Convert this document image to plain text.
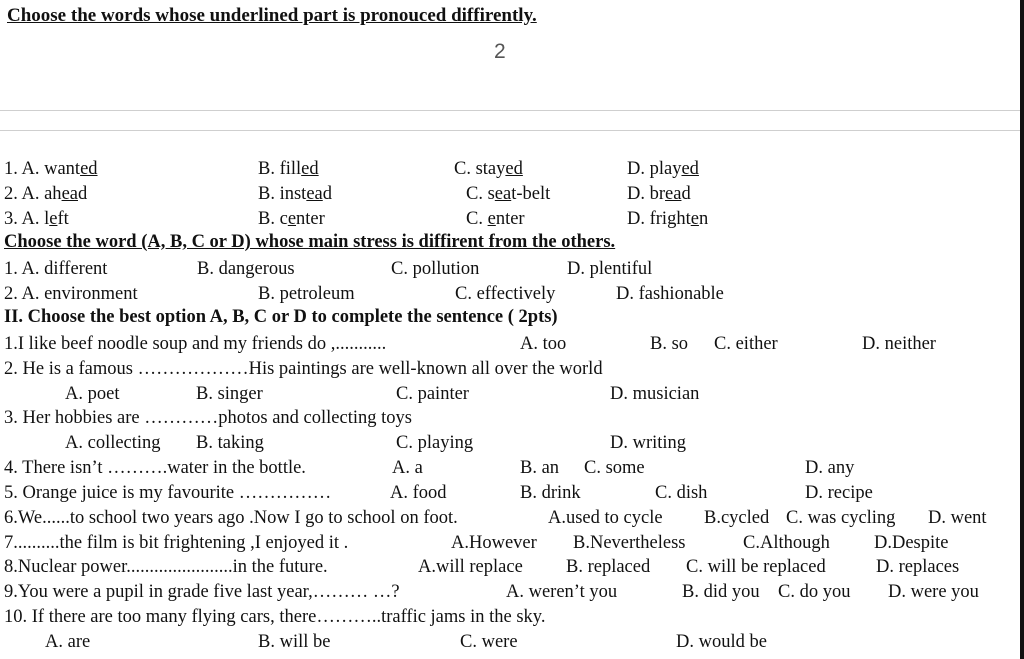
Choose the words whose underlined part is pronouced diffirently.
2
1. A. wanted	B. filled	C. stayed	D. played
2. A. ahead	B. instead	C. seat-belt	D. bread
3. A. left	B. center	C. enter	D. frighten
Choose the word (A, B, C or D) whose main stress is diffirent from the others.
1. A. different	B. dangerous	C. pollution	D. plentiful
2. A. environment	B. petroleum	C. effectively	D. fashionable
II. Choose the best option A, B, C or D to complete the sentence ( 2pts)
1.I like beef noodle soup and my friends do ,...........	A. too	B. so C. either	D. neither
2. He is a famous ………………His paintings are well-known all over the world
A. poet	B. singer	C. painter	D. musician
3. Her hobbies are …………photos and collecting toys
A. collecting B. taking	C. playing	D. writing
4. There isn’t ……….water in the bottle.	A. a	B. an C. some	D. any
5. Orange juice is my favourite ……………	A. food	B. drink	C. dish	D. recipe
6.We......to school two years ago .Now I go to school on foot.	A.used to cycle B.cycled C. was cycling D. went
7..........the film is bit frightening ,I enjoyed it .	A.However B.Nevertheless	C.Although D.Despite
8.Nuclear power.......................in the future.	A.will replace B. replaced C. will be replaced	D. replaces
9.You were a pupil in grade five last year,……… …?	A. weren’t you	B. did you C. do you D. were you
10. If there are too many flying cars, there………..traffic jams in the sky.
A. are	B. will be	C. were	D. would be
